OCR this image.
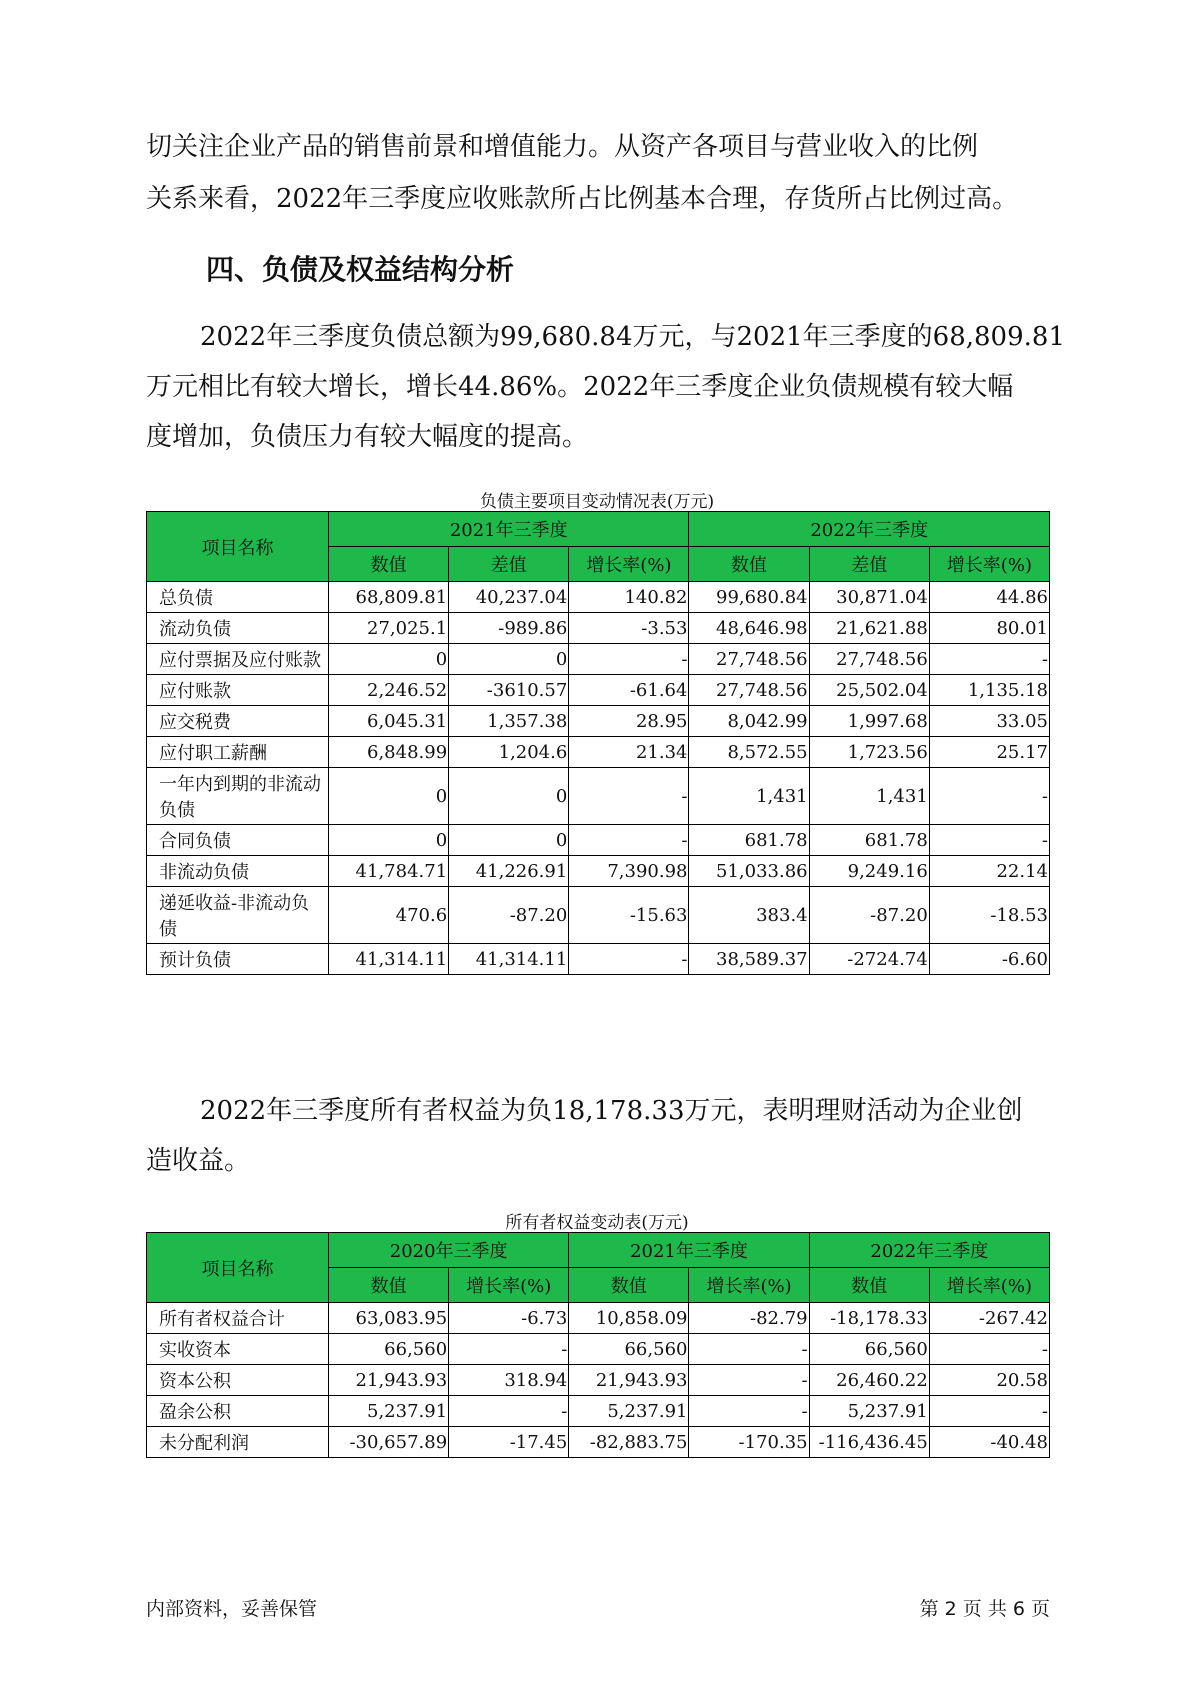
切关注企业产品的销售前景和增值能力。从资产各项目与营业收入的比例

关系来看，2022年三季度应收账款所占比例基本合理，存货所占比例过高。

四、负债及权益结构分析

2022年三季度负债总额为99,680.84万元，与2021年三季度的68,809.81

万元相比有较大增长，增长44.86%。2022年三季度企业负债规模有较大幅

度增加，负债压力有较大幅度的提高。

负债主要项目变动情况表(万元)
项目名称	2021年三季度			2022年三季度		
	数值	差值	增长率(%)	数值	差值	增长率(%)
总负债	68,809.81	40,237.04	140.82	99,680.84	30,871.04	44.86
流动负债	27,025.1	-989.86	-3.53	48,646.98	21,621.88	80.01
应付票据及应付账款	0	0	-	27,748.56	27,748.56	-
应付账款	2,246.52	-3610.57	-61.64	27,748.56	25,502.04	1,135.18
应交税费	6,045.31	1,357.38	28.95	8,042.99	1,997.68	33.05
应付职工薪酬	6,848.99	1,204.6	21.34	8,572.55	1,723.56	25.17
一年内到期的非流动负债	0	0	-	1,431	1,431	-
合同负债	0	0	-	681.78	681.78	-
非流动负债	41,784.71	41,226.91	7,390.98	51,033.86	9,249.16	22.14
递延收益-非流动负债	470.6	-87.20	-15.63	383.4	-87.20	-18.53
预计负债	41,314.11	41,314.11	-	38,589.37	-2724.74	-6.60
2022年三季度所有者权益为负18,178.33万元，表明理财活动为企业创
造收益。
所有者权益变动表(万元)
项目名称	2020年三季度		2021年三季度		2022年三季度	
	数值	增长率(%)	数值	增长率(%)	数值	增长率(%)
所有者权益合计	63,083.95	-6.73	10,858.09	-82.79	-18,178.33	-267.42
实收资本	66,560	-	66,560	-	66,560	-
资本公积	21,943.93	318.94	21,943.93	-	26,460.22	20.58
盈余公积	5,237.91	-	5,237.91	-	5,237.91	-
未分配利润	-30,657.89	-17.45	-82,883.75	-170.35	-116,436.45	-40.48
内部资料，妥善保管	第 2 页 共 6 页
